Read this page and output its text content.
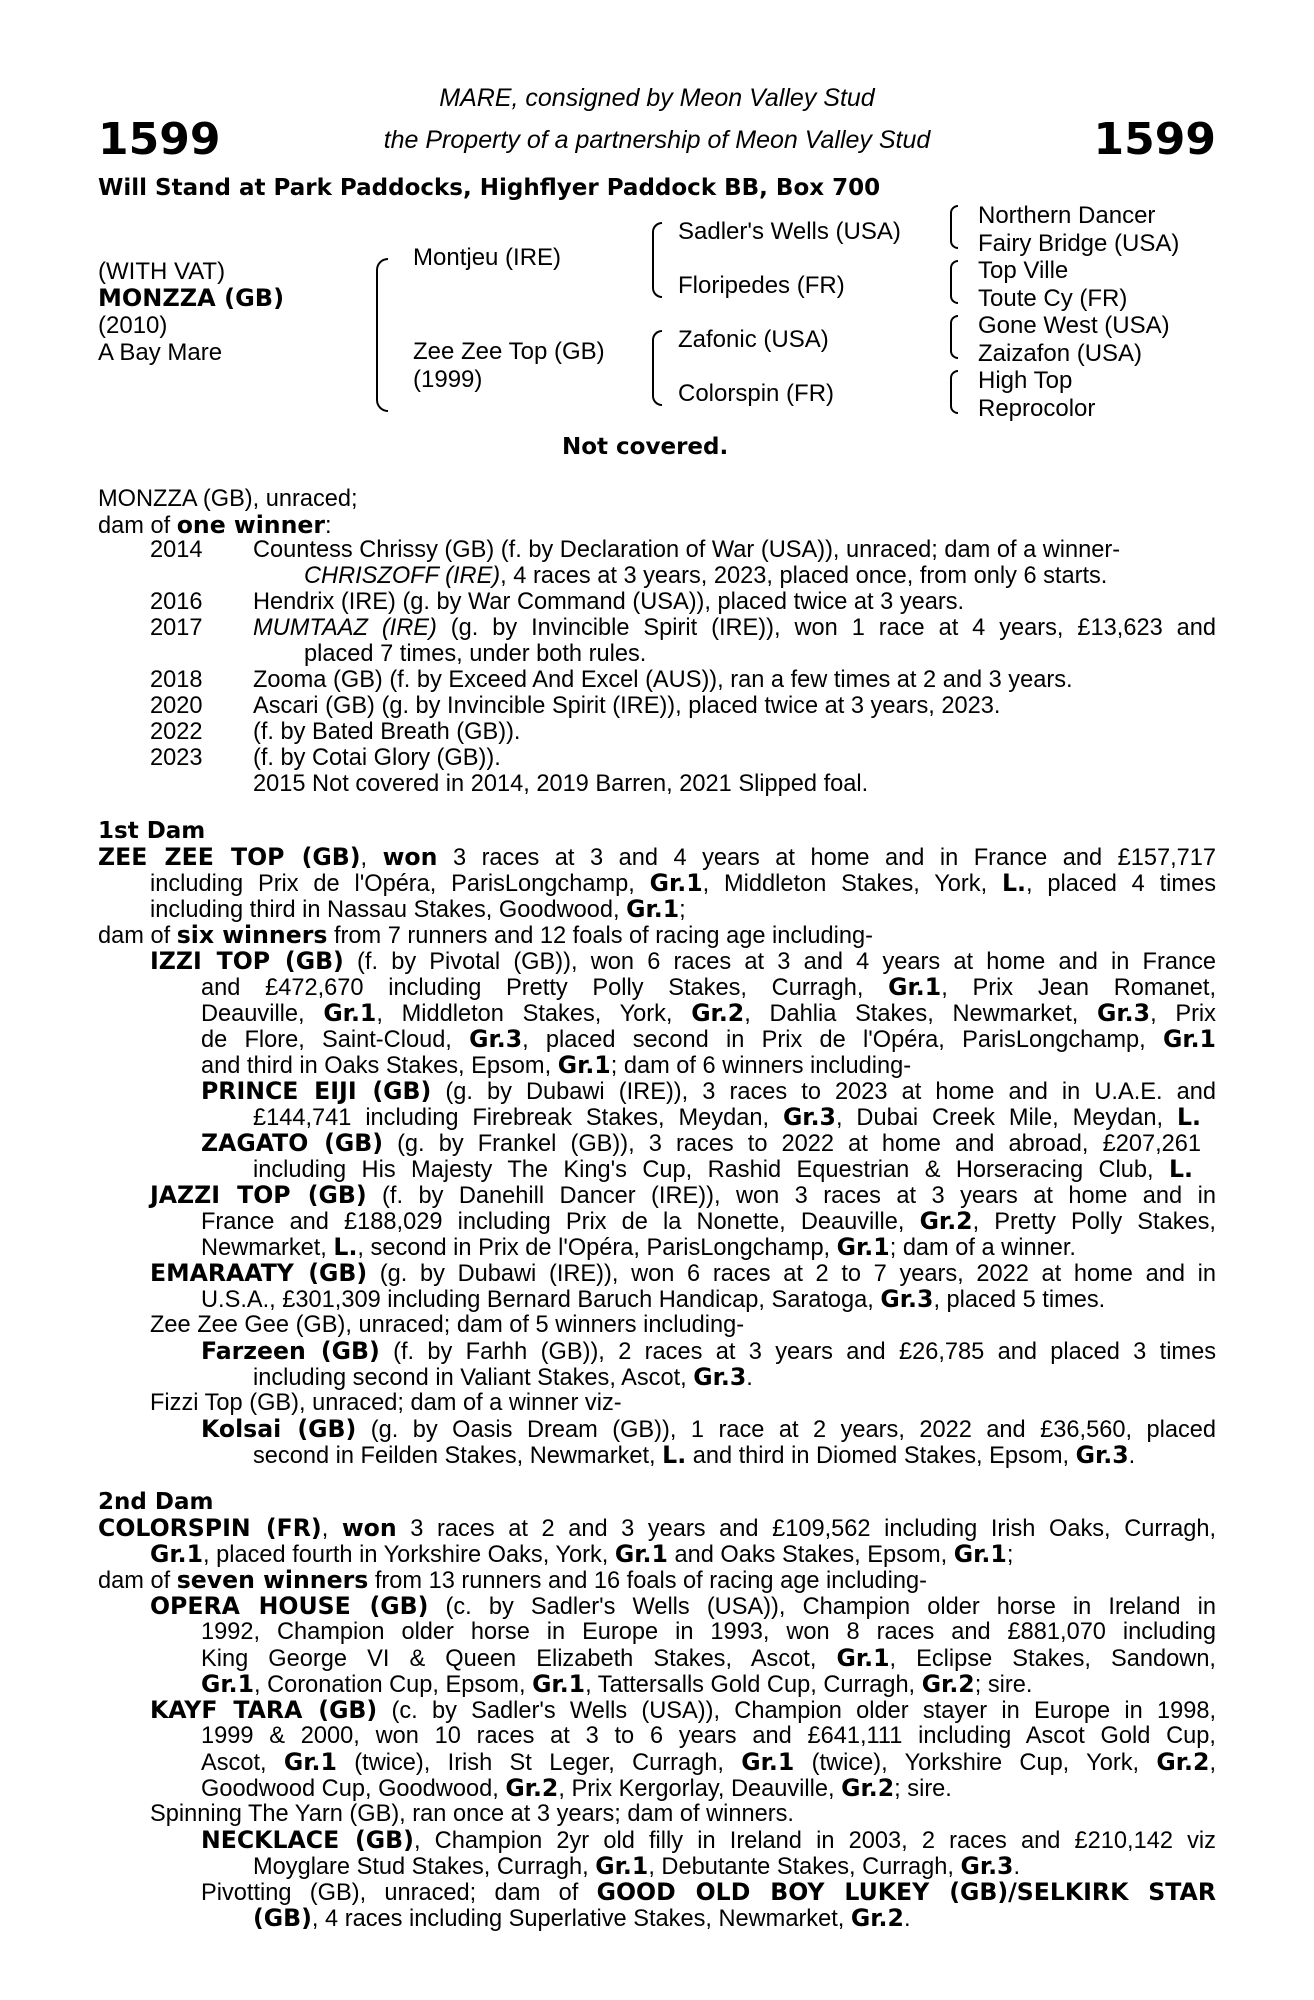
1599	1599
MARE, consigned by Meon Valley Stud
the Property of a partnership of Meon Valley Stud
Will Stand at Park Paddocks, Highflyer Paddock BB, Box 700
(WITH VAT)
MONZZA (GB)
(2010)
A Bay Mare
Montjeu (IRE)
Zee Zee Top (GB)
(1999)
Sadler's Wells (USA)
Floripedes (FR)
Zafonic (USA)
Colorspin (FR)
Northern Dancer
Fairy Bridge (USA)
Top Ville
Toute Cy (FR)
Gone West (USA)
Zaizafon (USA)
High Top
Reprocolor
Not covered.
MONZZA (GB), unraced;
dam of one winner:
2014 Countess Chrissy (GB) (f. by Declaration of War (USA)), unraced; dam of a winner-
CHRISZOFF (IRE), 4 races at 3 years, 2023, placed once, from only 6 starts.
2016 Hendrix (IRE) (g. by War Command (USA)), placed twice at 3 years.
2017 MUMTAAZ (IRE) (g. by Invincible Spirit (IRE)), won 1 race at 4 years, £13,623 and
placed 7 times, under both rules.
2018 Zooma (GB) (f. by Exceed And Excel (AUS)), ran a few times at 2 and 3 years.
2020 Ascari (GB) (g. by Invincible Spirit (IRE)), placed twice at 3 years, 2023.
2022 (f. by Bated Breath (GB)).
2023 (f. by Cotai Glory (GB)).
2015 Not covered in 2014, 2019 Barren, 2021 Slipped foal.
1st Dam
ZEE ZEE TOP (GB), won 3 races at 3 and 4 years at home and in France and £157,717
including Prix de l'Opéra, ParisLongchamp, Gr.1, Middleton Stakes, York, L., placed 4 times
including third in Nassau Stakes, Goodwood, Gr.1;
dam of six winners from 7 runners and 12 foals of racing age including-
IZZI TOP (GB) (f. by Pivotal (GB)), won 6 races at 3 and 4 years at home and in France
and £472,670 including Pretty Polly Stakes, Curragh, Gr.1, Prix Jean Romanet,
Deauville, Gr.1, Middleton Stakes, York, Gr.2, Dahlia Stakes, Newmarket, Gr.3, Prix
de Flore, Saint-Cloud, Gr.3, placed second in Prix de l'Opéra, ParisLongchamp, Gr.1
and third in Oaks Stakes, Epsom, Gr.1; dam of 6 winners including-
PRINCE EIJI (GB) (g. by Dubawi (IRE)), 3 races to 2023 at home and in U.A.E. and
£144,741 including Firebreak Stakes, Meydan, Gr.3, Dubai Creek Mile, Meydan, L.
ZAGATO (GB) (g. by Frankel (GB)), 3 races to 2022 at home and abroad, £207,261
including His Majesty The King's Cup, Rashid Equestrian & Horseracing Club, L.
JAZZI TOP (GB) (f. by Danehill Dancer (IRE)), won 3 races at 3 years at home and in
France and £188,029 including Prix de la Nonette, Deauville, Gr.2, Pretty Polly Stakes,
Newmarket, L., second in Prix de l'Opéra, ParisLongchamp, Gr.1; dam of a winner.
EMARAATY (GB) (g. by Dubawi (IRE)), won 6 races at 2 to 7 years, 2022 at home and in
U.S.A., £301,309 including Bernard Baruch Handicap, Saratoga, Gr.3, placed 5 times.
Zee Zee Gee (GB), unraced; dam of 5 winners including-
Farzeen (GB) (f. by Farhh (GB)), 2 races at 3 years and £26,785 and placed 3 times
including second in Valiant Stakes, Ascot, Gr.3.
Fizzi Top (GB), unraced; dam of a winner viz-
Kolsai (GB) (g. by Oasis Dream (GB)), 1 race at 2 years, 2022 and £36,560, placed
second in Feilden Stakes, Newmarket, L. and third in Diomed Stakes, Epsom, Gr.3.
2nd Dam
COLORSPIN (FR), won 3 races at 2 and 3 years and £109,562 including Irish Oaks, Curragh,
Gr.1, placed fourth in Yorkshire Oaks, York, Gr.1 and Oaks Stakes, Epsom, Gr.1;
dam of seven winners from 13 runners and 16 foals of racing age including-
OPERA HOUSE (GB) (c. by Sadler's Wells (USA)), Champion older horse in Ireland in
1992, Champion older horse in Europe in 1993, won 8 races and £881,070 including
King George VI & Queen Elizabeth Stakes, Ascot, Gr.1, Eclipse Stakes, Sandown,
Gr.1, Coronation Cup, Epsom, Gr.1, Tattersalls Gold Cup, Curragh, Gr.2; sire.
KAYF TARA (GB) (c. by Sadler's Wells (USA)), Champion older stayer in Europe in 1998,
1999 & 2000, won 10 races at 3 to 6 years and £641,111 including Ascot Gold Cup,
Ascot, Gr.1 (twice), Irish St Leger, Curragh, Gr.1 (twice), Yorkshire Cup, York, Gr.2,
Goodwood Cup, Goodwood, Gr.2, Prix Kergorlay, Deauville, Gr.2; sire.
Spinning The Yarn (GB), ran once at 3 years; dam of winners.
NECKLACE (GB), Champion 2yr old filly in Ireland in 2003, 2 races and £210,142 viz
Moyglare Stud Stakes, Curragh, Gr.1, Debutante Stakes, Curragh, Gr.3.
Pivotting (GB), unraced; dam of GOOD OLD BOY LUKEY (GB)/SELKIRK STAR
(GB), 4 races including Superlative Stakes, Newmarket, Gr.2.
